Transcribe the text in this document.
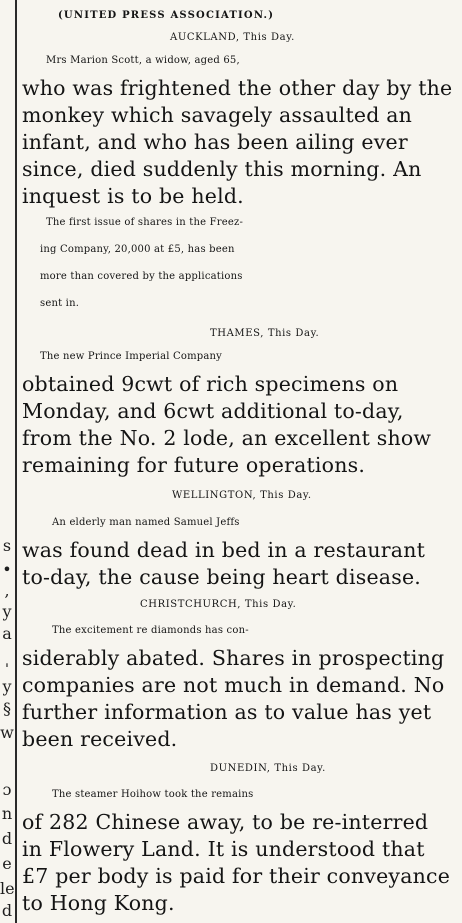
s
•
,
y
a
ˌ
y
§
w
ɔ
n
d
e
le
d
(UNITED PRESS ASSOCIATION.)
AUCKLAND, This Day.
Mrs Marion Scott, a widow, aged 65,
who was frightened the other day by the
monkey which savagely assaulted an
infant, and who has been ailing ever
since, died suddenly this morning. An
inquest is to be held.
The first issue of shares in the Freez-
ing Company, 20,000 at £5, has been
more than covered by the applications
sent in.
THAMES, This Day.
The new Prince Imperial Company
obtained 9cwt of rich specimens on
Monday, and 6cwt additional to-day,
from the No. 2 lode, an excellent show
remaining for future operations.
WELLINGTON, This Day.
An elderly man named Samuel Jeffs
was found dead in bed in a restaurant
to-day, the cause being heart disease.
CHRISTCHURCH, This Day.
The excitement re diamonds has con-
siderably abated. Shares in prospecting
companies are not much in demand. No
further information as to value has yet
been received.
DUNEDIN, This Day.
The steamer Hoihow took the remains
of 282 Chinese away, to be re-interred
in Flowery Land. It is understood that
£7 per body is paid for their conveyance
to Hong Kong.
